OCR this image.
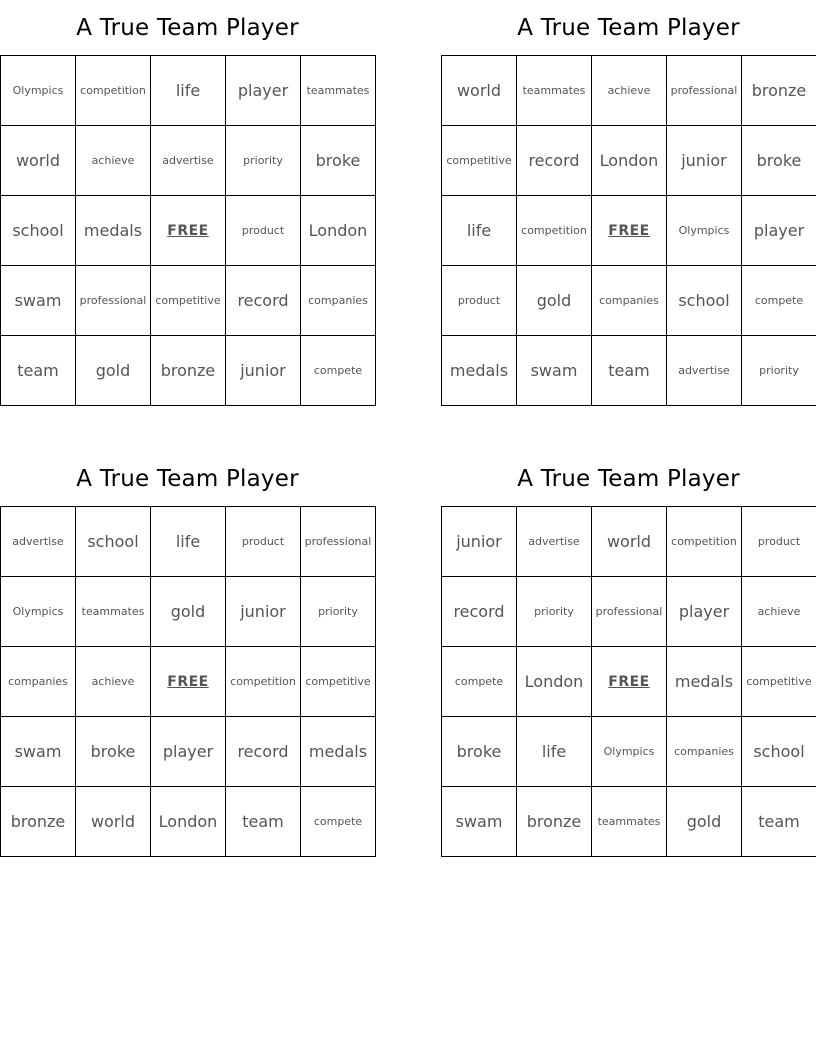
A True Team Player
Olympics	competition	life	player	teammates
world	achieve	advertise	priority	broke
school	medals	FREE	product	London
swam	professional	competitive	record	companies
team	gold	bronze	junior	compete
A True Team Player
world	teammates	achieve	professional	bronze
competitive	record	London	junior	broke
life	competition	FREE	Olympics	player
product	gold	companies	school	compete
medals	swam	team	advertise	priority
A True Team Player
advertise	school	life	product	professional
Olympics	teammates	gold	junior	priority
companies	achieve	FREE	competition	competitive
swam	broke	player	record	medals
bronze	world	London	team	compete
A True Team Player
junior	advertise	world	competition	product
record	priority	professional	player	achieve
compete	London	FREE	medals	competitive
broke	life	Olympics	companies	school
swam	bronze	teammates	gold	team
